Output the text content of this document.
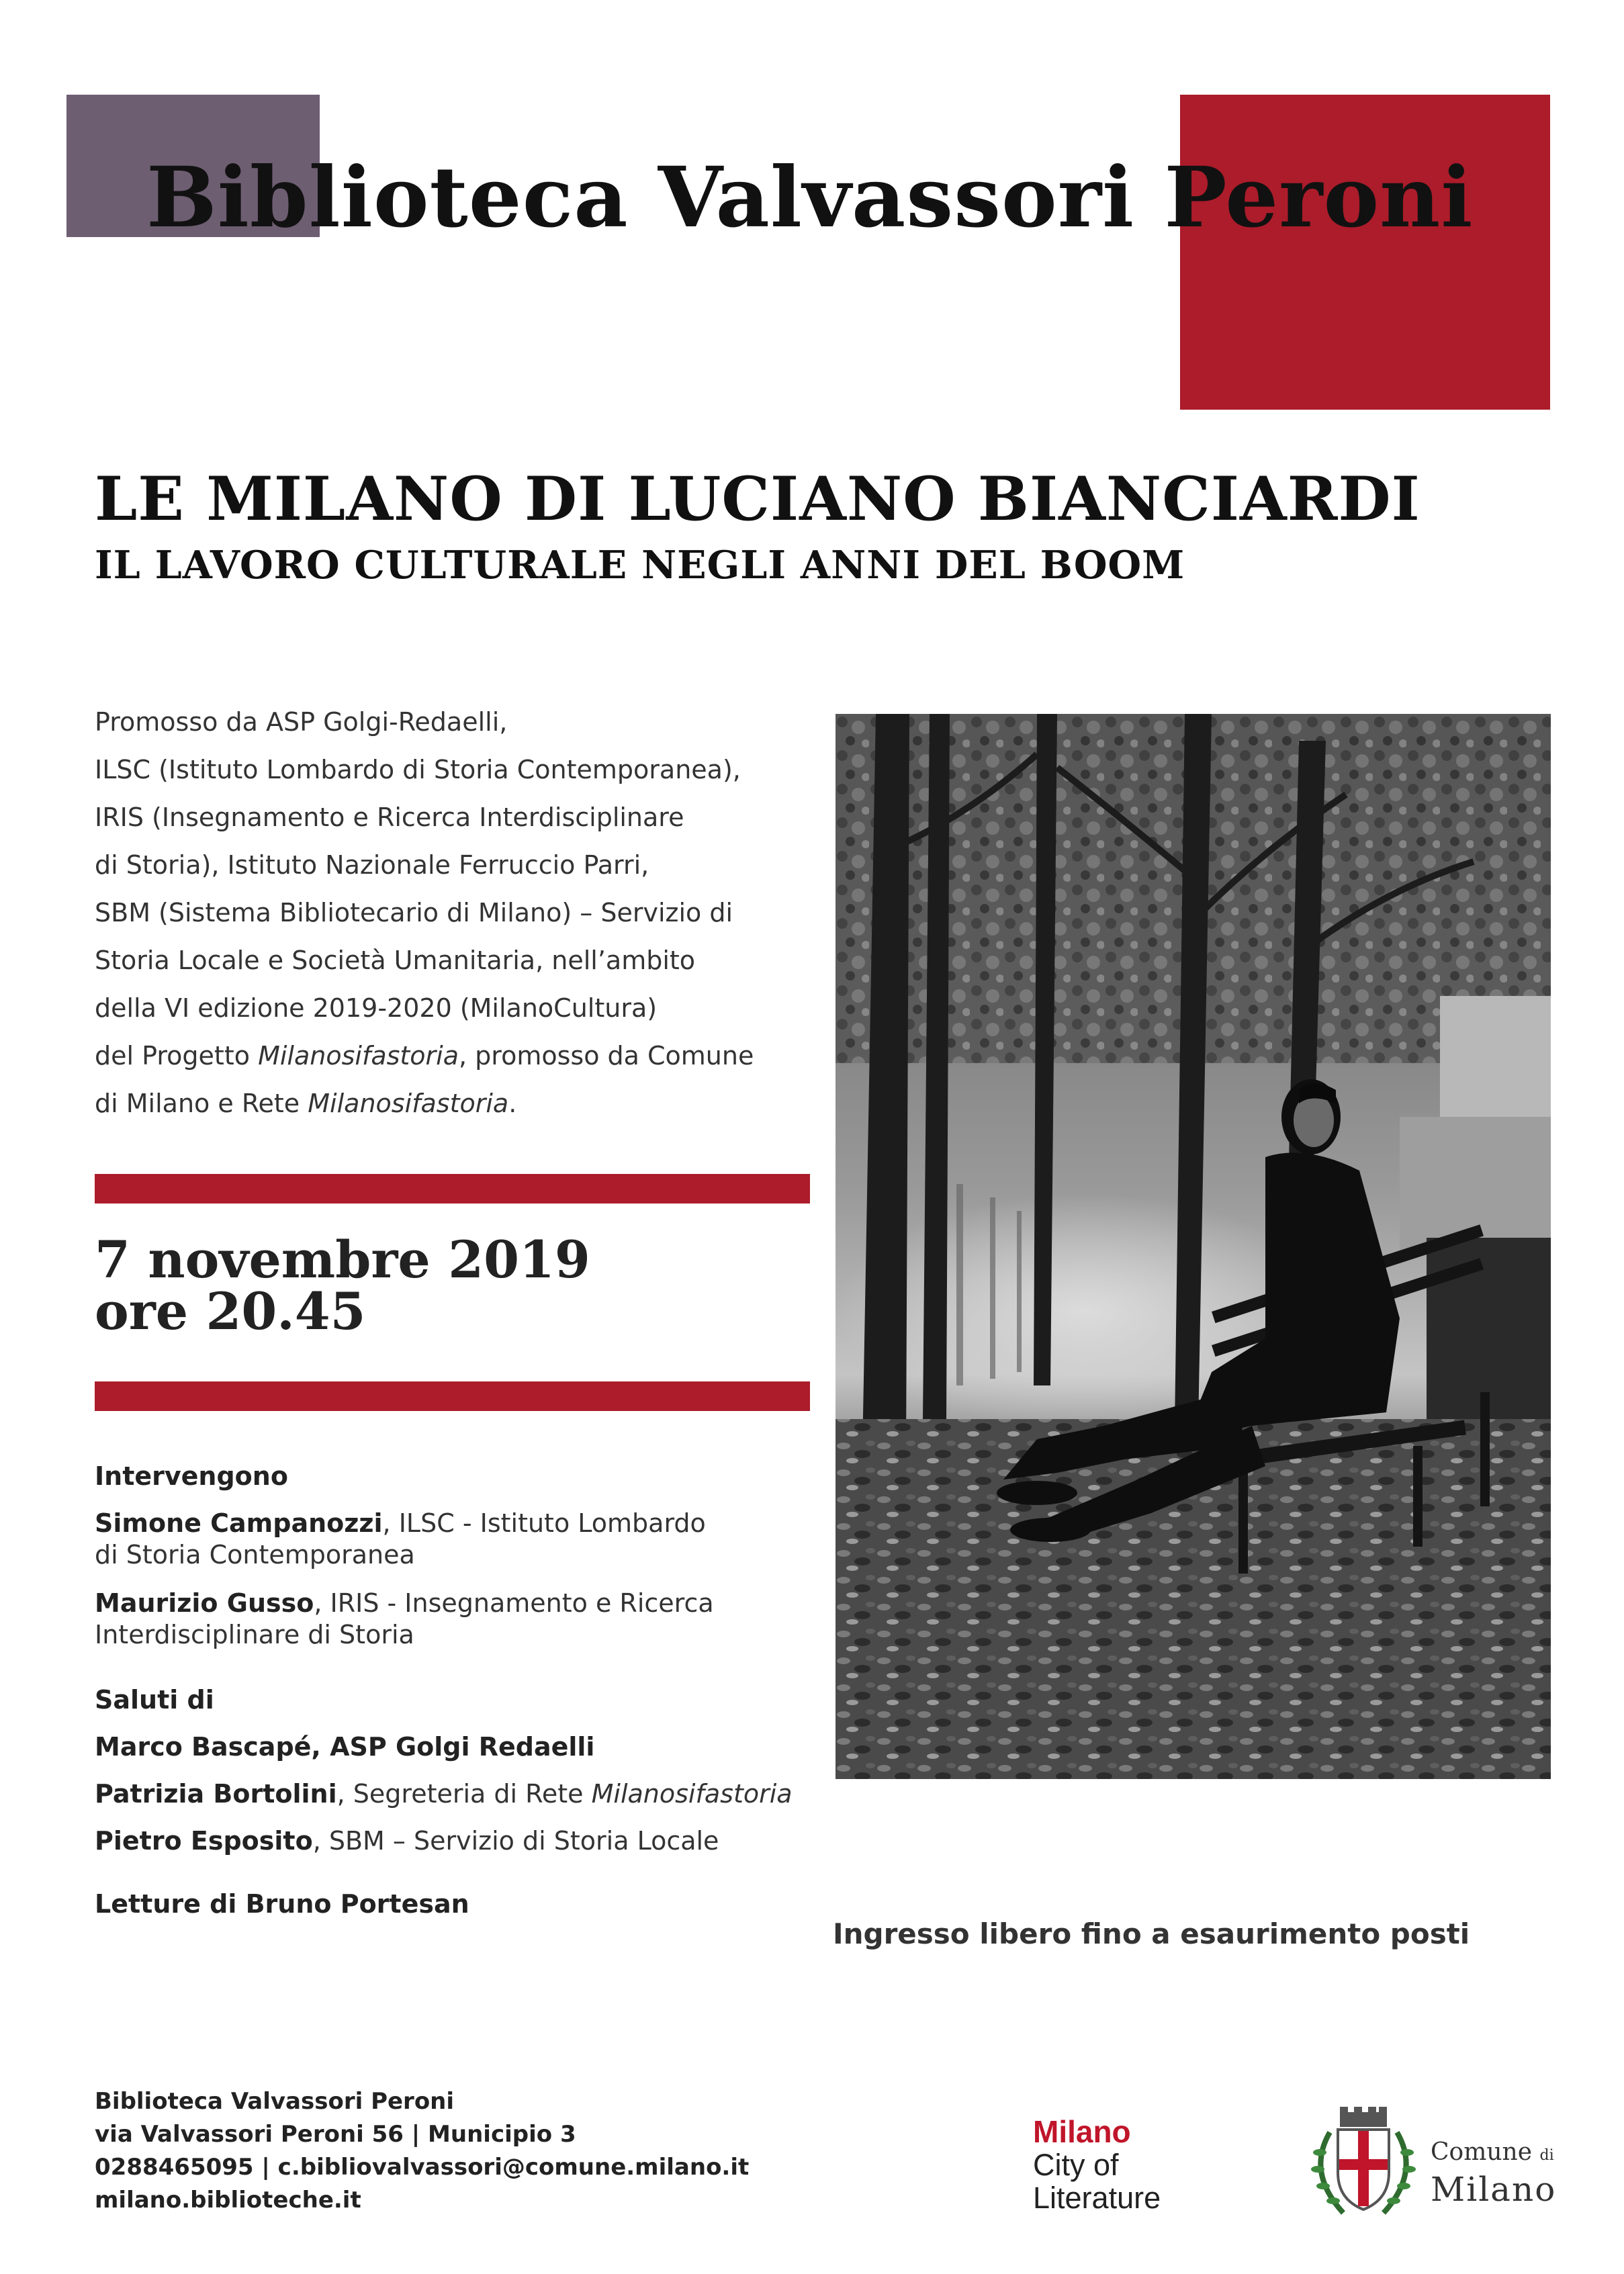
Biblioteca Valvassori Peroni
LE MILANO DI LUCIANO BIANCIARDI
IL LAVORO CULTURALE NEGLI ANNI DEL BOOM

Promosso da ASP Golgi-Redaelli,

ILSC (Istituto Lombardo di Storia Contemporanea),

IRIS (Insegnamento e Ricerca Interdisciplinare

di Storia), Istituto Nazionale Ferruccio Parri,

SBM (Sistema Bibliotecario di Milano) – Servizio di

Storia Locale e Società Umanitaria, nell’ambito

della VI edizione 2019-2020 (MilanoCultura)

del Progetto Milanosifastoria, promosso da Comune

di Milano e Rete Milanosifastoria.

7 novembre 2019
ore 20.45
Intervengono
Simone Campanozzi, ILSC - Istituto Lombardo
di Storia Contemporanea
Maurizio Gusso, IRIS - Insegnamento e Ricerca
Interdisciplinare di Storia
Saluti di
Marco Bascapé, ASP Golgi Redaelli
Patrizia Bortolini, Segreteria di Rete Milanosifastoria
Pietro Esposito, SBM – Servizio di Storia Locale
Letture di Bruno Portesan
Ingresso libero fino a esaurimento posti
Biblioteca Valvassori Peroni
via Valvassori Peroni 56 | Municipio 3
0288465095 | c.bibliovalvassori@comune.milano.it
milano.biblioteche.it
Milano
City of
Literature
Comune di
Milano
